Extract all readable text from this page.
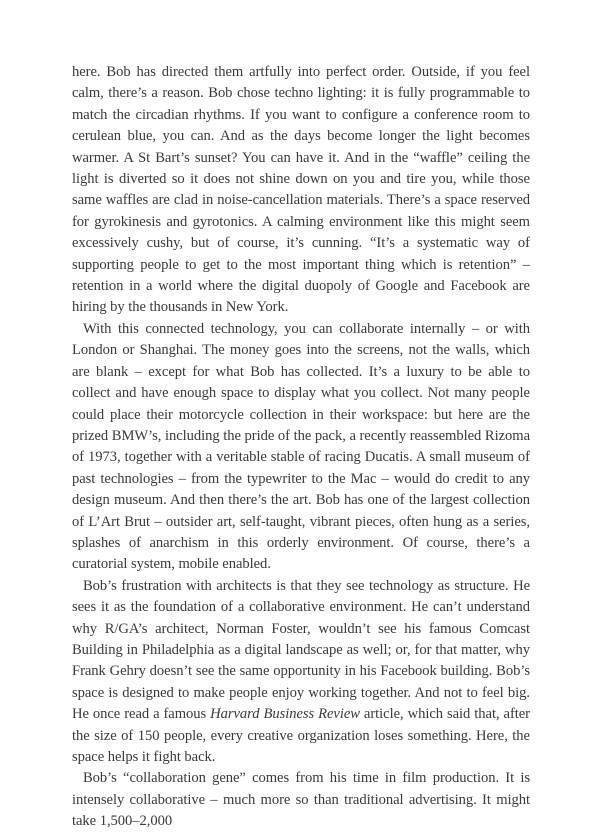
here. Bob has directed them artfully into perfect order. Outside, if you feel calm, there’s a reason. Bob chose techno lighting: it is fully programmable to match the circadian rhythms. If you want to configure a conference room to cerulean blue, you can. And as the days become longer the light becomes warmer. A St Bart’s sunset? You can have it. And in the “waffle” ceiling the light is diverted so it does not shine down on you and tire you, while those same waffles are clad in noise-cancellation materials. There’s a space reserved for gyrokinesis and gyrotonics. A calming environment like this might seem excessively cushy, but of course, it’s cunning. “It’s a systematic way of supporting people to get to the most important thing which is retention” – retention in a world where the digital duopoly of Google and Facebook are hiring by the thousands in New York.

With this connected technology, you can collaborate internally – or with London or Shanghai. The money goes into the screens, not the walls, which are blank – except for what Bob has collected. It’s a luxury to be able to collect and have enough space to display what you collect. Not many people could place their motorcycle collection in their workspace: but here are the prized BMW’s, including the pride of the pack, a recently reassembled Rizoma of 1973, together with a veritable stable of racing Ducatis. A small museum of past technologies – from the typewriter to the Mac – would do credit to any design museum. And then there’s the art. Bob has one of the largest collection of L’Art Brut – outsider art, self-taught, vibrant pieces, often hung as a series, splashes of anarchism in this orderly environment. Of course, there’s a curatorial system, mobile enabled.

Bob’s frustration with architects is that they see technology as structure. He sees it as the foundation of a collaborative environment. He can’t understand why R/GA’s architect, Norman Foster, wouldn’t see his famous Comcast Building in Philadelphia as a digital landscape as well; or, for that matter, why Frank Gehry doesn’t see the same opportunity in his Facebook building. Bob’s space is designed to make people enjoy working together. And not to feel big. He once read a famous Harvard Business Review article, which said that, after the size of 150 people, every creative organization loses something. Here, the space helps it fight back.

Bob’s “collaboration gene” comes from his time in film production. It is intensely collaborative – much more so than traditional advertising. It might take 1,500–2,000
